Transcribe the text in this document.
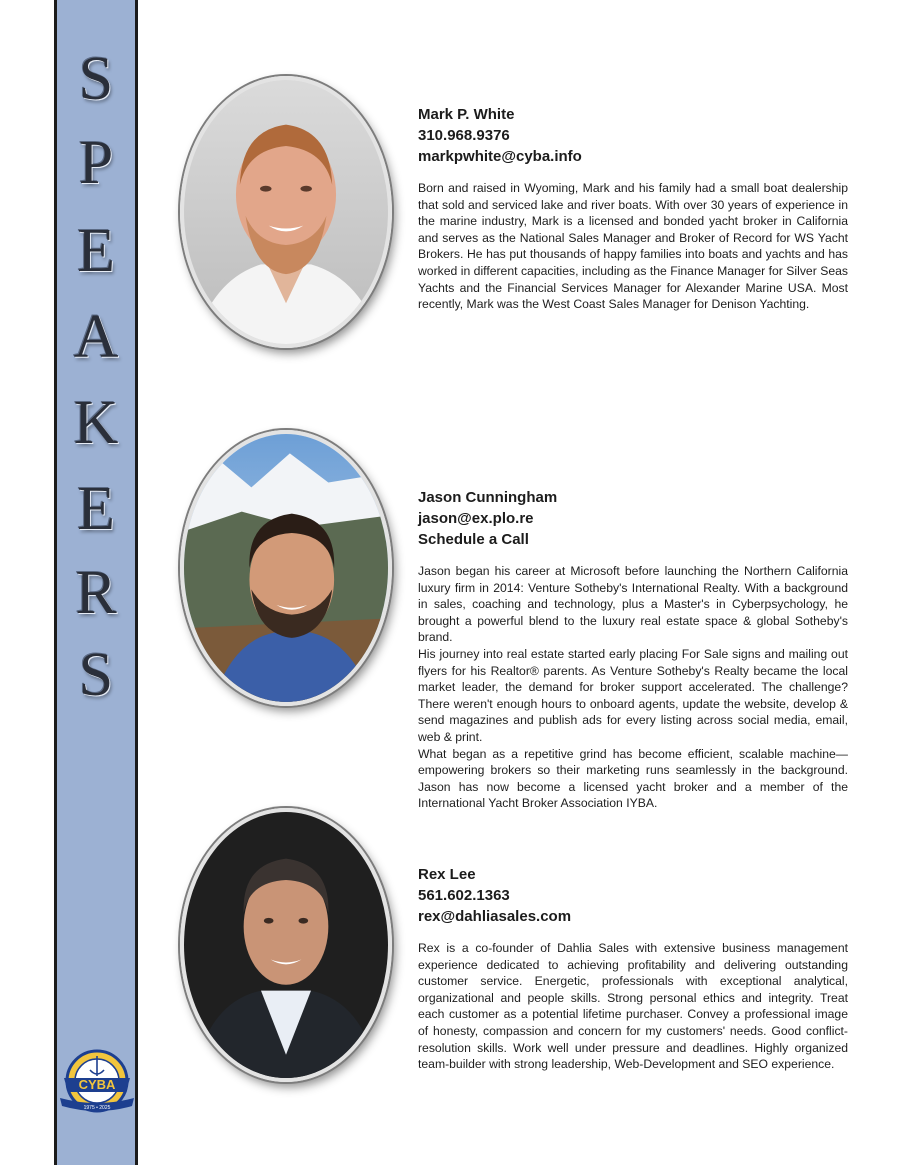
S
P
E
A
K
E
R
S
CYBA
1975 • 2025
Mark P. White
310.968.9376
markpwhite@cyba.info

Born and raised in Wyoming, Mark and his family had a small boat dealership that sold and serviced lake and river boats. With over 30 years of experience in the marine industry, Mark is a licensed and bonded yacht broker in California and serves as the National Sales Manager and Broker of Record for WS Yacht Brokers. He has put thousands of happy families into boats and yachts and has worked in different capacities, including as the Finance Manager for Silver Seas Yachts and the Financial Services Manager for Alexander Marine USA. Most recently, Mark was the West Coast Sales Manager for Denison Yachting.

Jason Cunningham
jason@ex.plo.re
Schedule a Call

Jason began his career at Microsoft before launching the Northern California luxury firm in 2014: Venture Sotheby's International Realty. With a background in sales, coaching and technology, plus a Master's in Cyberpsychology, he brought a powerful blend to the luxury real estate space & global Sotheby's brand.

His journey into real estate started early placing For Sale signs and mailing out flyers for his Realtor® parents. As Venture Sotheby's Realty became the local market leader, the demand for broker support accelerated. The challenge? There weren't enough hours to onboard agents, update the website, develop & send magazines and publish ads for every listing across social media, email, web & print.

What began as a repetitive grind has become efficient, scalable machine—empowering brokers so their marketing runs seamlessly in the background. Jason has now become a licensed yacht broker and a member of the International Yacht Broker Association IYBA.

Rex Lee
561.602.1363
rex@dahliasales.com

Rex is a co-founder of Dahlia Sales with extensive business management experience dedicated to achieving profitability and delivering outstanding customer service. Energetic, professionals with exceptional analytical, organizational and people skills. Strong personal ethics and integrity. Treat each customer as a potential lifetime purchaser. Convey a professional image of honesty, compassion and concern for my customers' needs. Good conflict-resolution skills. Work well under pressure and deadlines. Highly organized team-builder with strong leadership, Web-Development and SEO experience.
